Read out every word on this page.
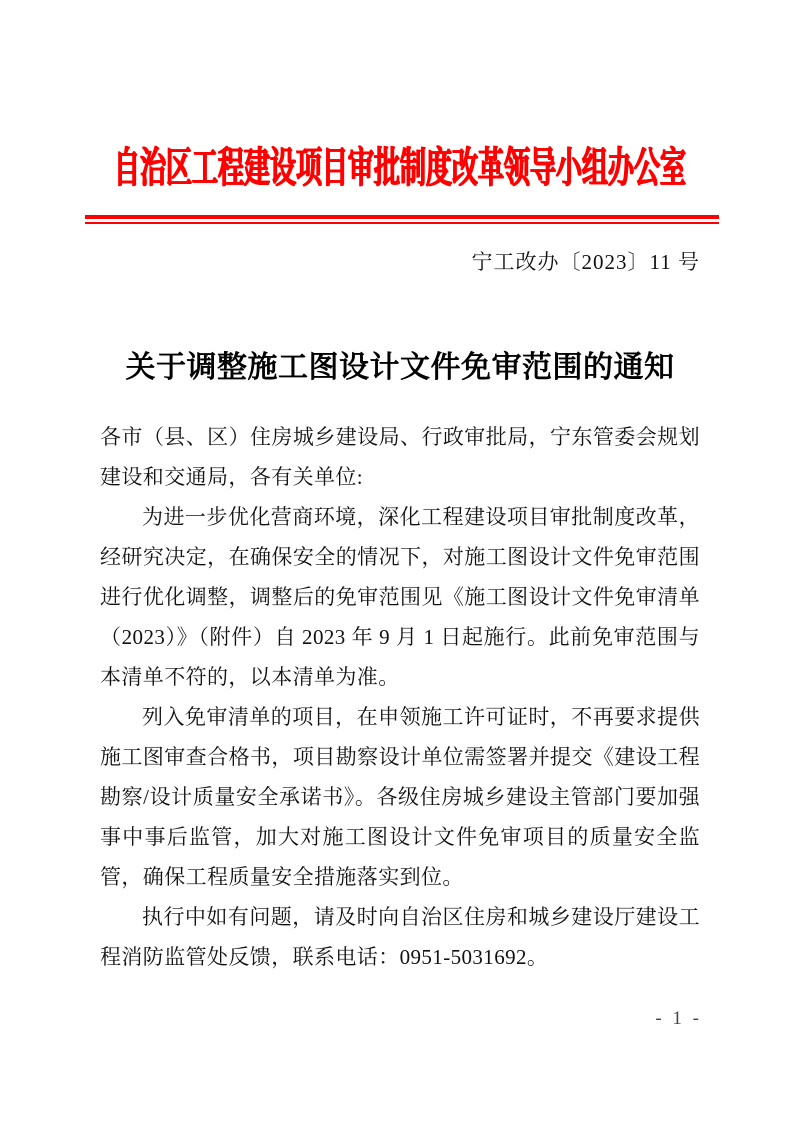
自治区工程建设项目审批制度改革领导小组办公室
宁工改办〔2023〕11 号
关于调整施工图设计文件免审范围的通知

各市（县、区）住房城乡建设局、行政审批局，宁东管委会规划建设和交通局，各有关单位:

为进一步优化营商环境，深化工程建设项目审批制度改革，经研究决定，在确保安全的情况下，对施工图设计文件免审范围进行优化调整，调整后的免审范围见《施工图设计文件免审清单（2023）》（附件）自 2023 年 9 月 1 日起施行。此前免审范围与本清单不符的，以本清单为准。

列入免审清单的项目，在申领施工许可证时，不再要求提供施工图审查合格书，项目勘察设计单位需签署并提交《建设工程勘察/设计质量安全承诺书》。各级住房城乡建设主管部门要加强事中事后监管，加大对施工图设计文件免审项目的质量安全监管，确保工程质量安全措施落实到位。

执行中如有问题，请及时向自治区住房和城乡建设厅建设工程消防监管处反馈，联系电话：0951-5031692。

- 1 -
